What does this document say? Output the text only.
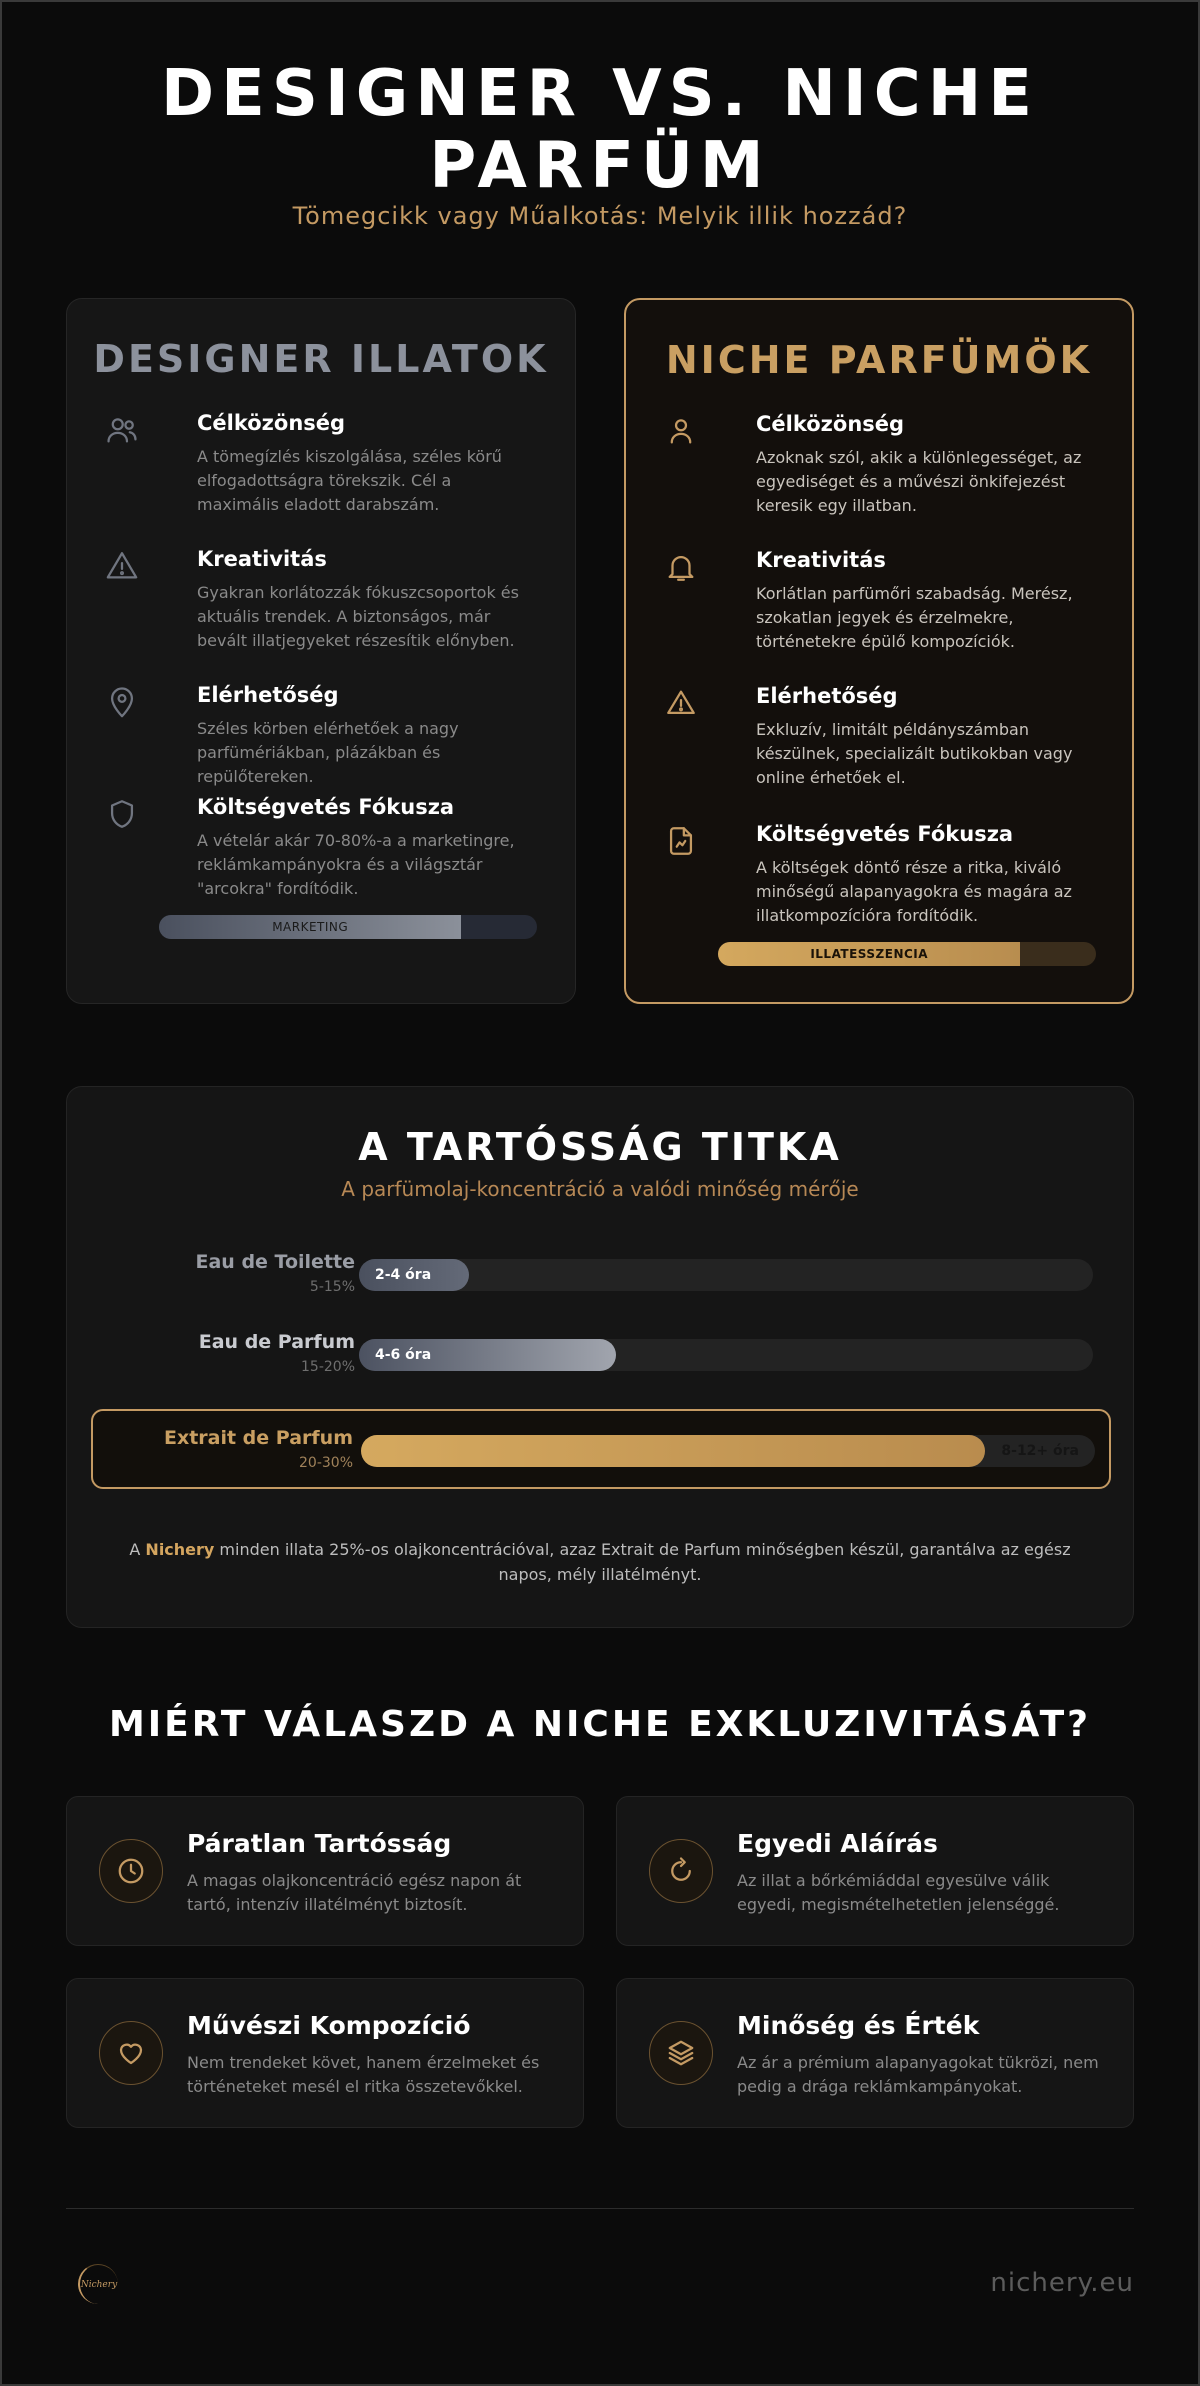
DESIGNER VS. NICHE PARFÜM
Tömegcikk vagy Műalkotás: Melyik illik hozzád?
DESIGNER ILLATOK
Célközönség
A tömegízlés kiszolgálása, széles körű elfogadottságra törekszik. Cél a maximális eladott darabszám.
Kreativitás
Gyakran korlátozzák fókuszcsoportok és aktuális trendek. A biztonságos, már bevált illatjegyeket részesítik előnyben.
Elérhetőség
Széles körben elérhetőek a nagy parfümériákban, plázákban és repülőtereken.
Költségvetés Fókusza
A vételár akár 70-80%-a a marketingre, reklámkampányokra és a világsztár "arcokra" fordítódik.
MARKETING
NICHE PARFÜMÖK
Célközönség
Azoknak szól, akik a különlegességet, az egyediséget és a művészi önkifejezést keresik egy illatban.
Kreativitás
Korlátlan parfümőri szabadság. Merész, szokatlan jegyek és érzelmekre, történetekre épülő kompozíciók.
Elérhetőség
Exkluzív, limitált példányszámban készülnek, specializált butikokban vagy online érhetőek el.
Költségvetés Fókusza
A költségek döntő része a ritka, kiváló minőségű alapanyagokra és magára az illatkompozícióra fordítódik.
ILLATESSZENCIA
A TARTÓSSÁG TITKA
A parfümolaj-koncentráció a valódi minőség mérője
Eau de Toilette
5-15%
2-4 óra
Eau de Parfum
15-20%
4-6 óra
Extrait de Parfum
20-30%
8-12+ óra

A Nichery minden illata 25%-os olajkoncentrációval, azaz Extrait de Parfum minőségben készül, garantálva az egész napos, mély illatélményt.

MIÉRT VÁLASZD A NICHE EXKLUZIVITÁSÁT?
Páratlan Tartósság
A magas olajkoncentráció egész napon át tartó, intenzív illatélményt biztosít.
Egyedi Aláírás
Az illat a bőrkémiáddal egyesülve válik egyedi, megismételhetetlen jelenséggé.
Művészi Kompozíció
Nem trendeket követ, hanem érzelmeket és történeteket mesél el ritka összetevőkkel.
Minőség és Érték
Az ár a prémium alapanyagokat tükrözi, nem pedig a drága reklámkampányokat.
Nichery	nichery.eu
